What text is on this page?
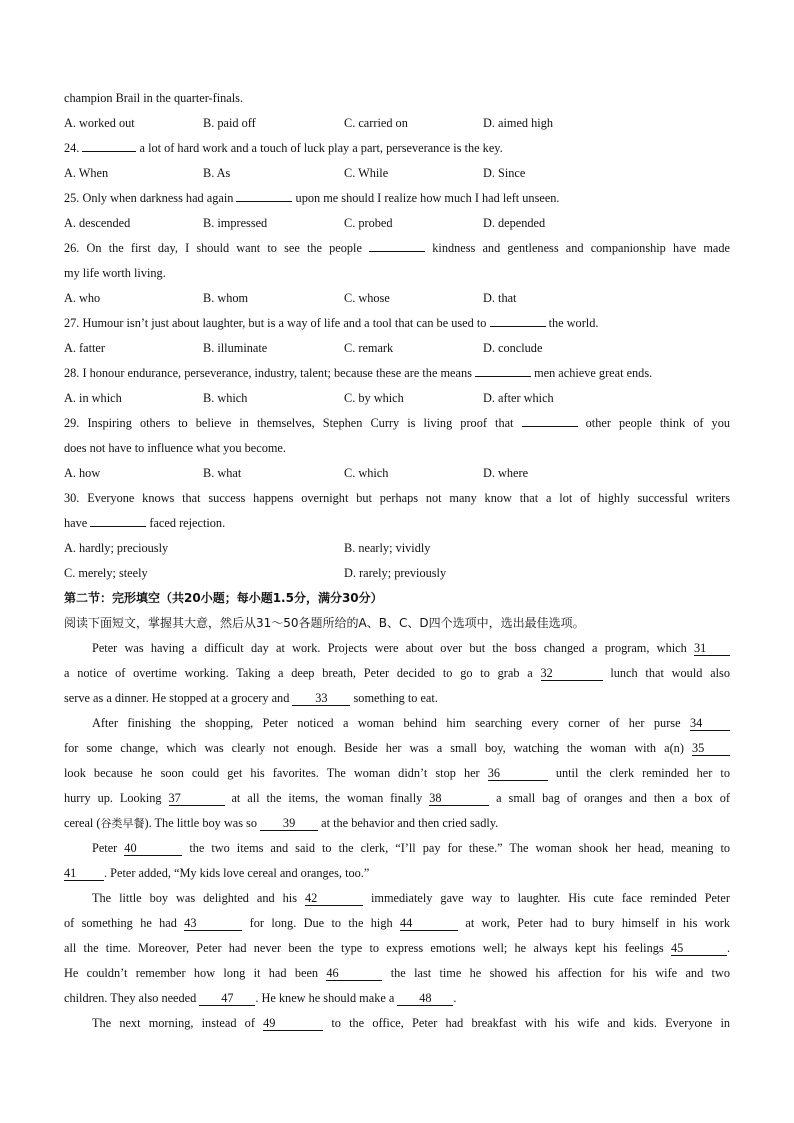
champion Brail in the quarter-finals.
A. worked out	B. paid off	C. carried on	D. aimed high
24.	a lot of hard work and a touch of luck play a part, perseverance is the key.
A. When	B. As	C. While	D. Since
25. Only when darkness had again	upon me should I realize how much I had left unseen.
A. descended	B. impressed	C. probed	D. depended
26. On the first day, I should want to see the people	kindness and gentleness and companionship have made
my life worth living.
A. who	B. whom	C. whose	D. that
27. Humour isn’t just about laughter, but is a way of life and a tool that can be used to	the world.
A. fatter	B. illuminate	C. remark	D. conclude
28. I honour endurance, perseverance, industry, talent; because these are the means	men achieve great ends.
A. in which	B. which	C. by which	D. after which
29. Inspiring others to believe in themselves, Stephen Curry is living proof that	other people think of you
does not have to influence what you become.
A. how	B. what	C. which	D. where
30. Everyone knows that success happens overnight but perhaps not many know that a lot of highly successful writers
have	faced rejection.
A. hardly; preciously	B. nearly; vividly
C. merely; steely	D. rarely; previously
第二节：完形填空（共20小题；每小题1.5分，满分30分）
阅读下面短文，掌握其大意，然后从31～50各题所给的A、B、C、D四个选项中，选出最佳选项。
Peter was having a difficult day at work. Projects were about over but the boss changed a program, which 31
a notice of overtime working. Taking a deep breath, Peter decided to go to grab a 32	lunch that would also
serve as a dinner. He stopped at a grocery and 33 something to eat.
After finishing the shopping, Peter noticed a woman behind him searching every corner of her purse 34
for some change, which was clearly not enough. Beside her was a small boy, watching the woman with a(n) 35
look because he soon could get his favorites. The woman didn’t stop her 36	until the clerk reminded her to
hurry up. Looking 37	at all the items, the woman finally 38	a small bag of oranges and then a box of
cereal (谷类早餐). The little boy was so 39 at the behavior and then cried sadly.
Peter 40	the two items and said to the clerk, “I’ll pay for these.” The woman shook her head, meaning to
41 . Peter added, “My kids love cereal and oranges, too.”
The little boy was delighted and his 42	immediately gave way to laughter. His cute face reminded Peter
of something he had 43	for long. Due to the high 44	at work, Peter had to bury himself in his work
all the time. Moreover, Peter had never been the type to express emotions well; he always kept his feelings 45	.
He couldn’t remember how long it had been 46	the last time he showed his affection for his wife and two
children. They also needed 47 . He knew he should make a 48 .
The next morning, instead of 49	to the office, Peter had breakfast with his wife and kids. Everyone in
